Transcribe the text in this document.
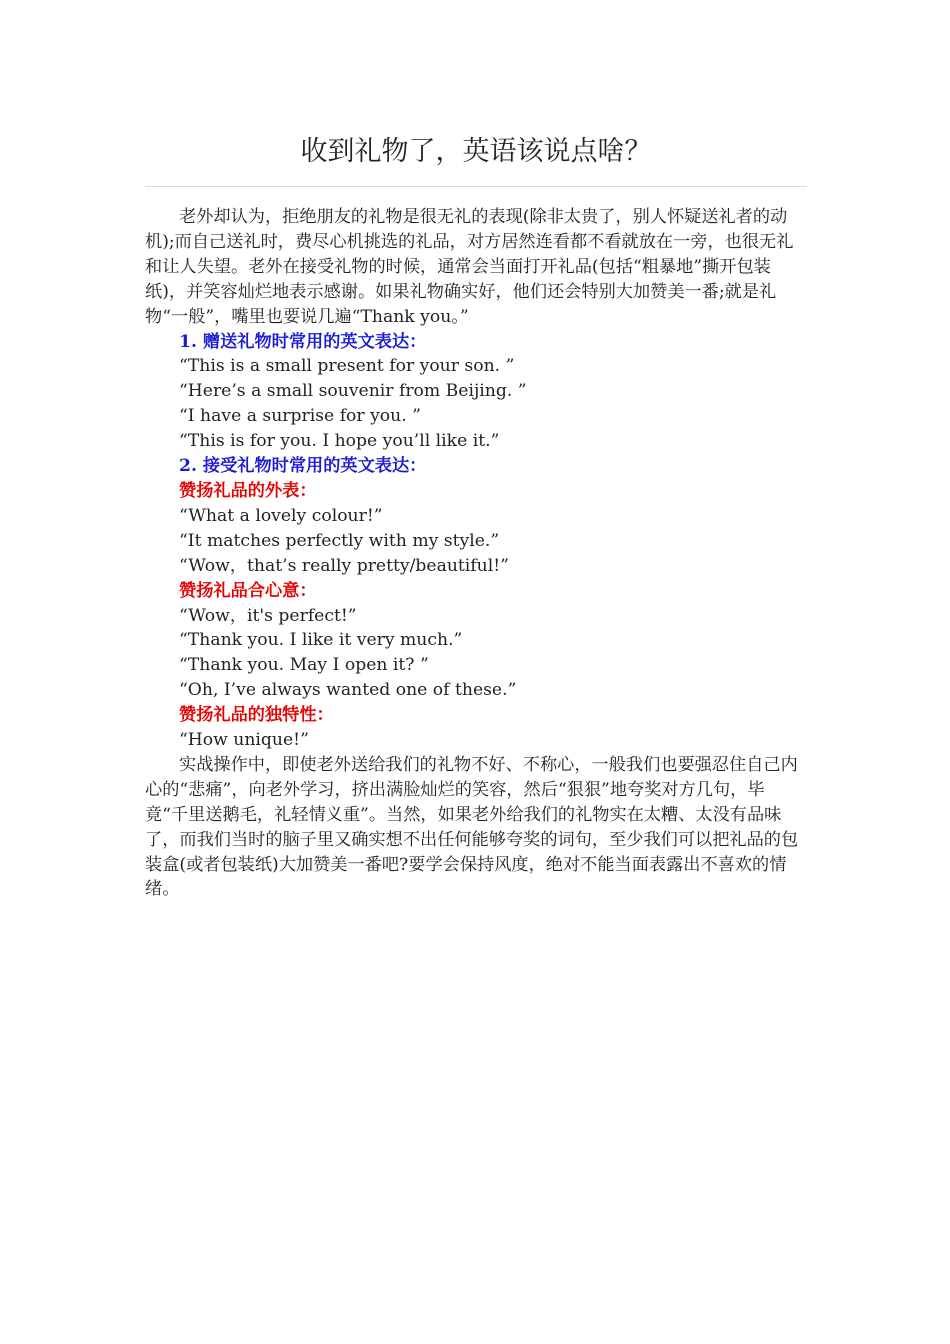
收到礼物了，英语该说点啥？

老外却认为，拒绝朋友的礼物是很无礼的表现(除非太贵了，别人怀疑送礼者的动机);而自己送礼时，费尽心机挑选的礼品，对方居然连看都不看就放在一旁，也很无礼和让人失望。老外在接受礼物的时候，通常会当面打开礼品(包括“粗暴地”撕开包装纸)，并笑容灿烂地表示感谢。如果礼物确实好，他们还会特别大加赞美一番;就是礼物“一般”，嘴里也要说几遍“Thank you。”

1. 赠送礼物时常用的英文表达：

“This is a small present for your son. ”

“Here’s a small souvenir from Beijing. ”

“I have a surprise for you. ”

“This is for you. I hope you’ll like it.”

2. 接受礼物时常用的英文表达：

赞扬礼品的外表：

“What a lovely colour!”

“It matches perfectly with my style.”

“Wow，that’s really pretty/beautiful!”

赞扬礼品合心意：

“Wow，it's perfect!”

“Thank you. I like it very much.”

“Thank you. May I open it? ”

“Oh, I’ve always wanted one of these.”

赞扬礼品的独特性：

“How unique!”

实战操作中，即使老外送给我们的礼物不好、不称心，一般我们也要强忍住自己内心的“悲痛”，向老外学习，挤出满脸灿烂的笑容，然后“狠狠”地夸奖对方几句，毕竟“千里送鹅毛，礼轻情义重”。当然，如果老外给我们的礼物实在太糟、太没有品味了，而我们当时的脑子里又确实想不出任何能够夸奖的词句，至少我们可以把礼品的包装盒(或者包装纸)大加赞美一番吧?要学会保持风度，绝对不能当面表露出不喜欢的情绪。
